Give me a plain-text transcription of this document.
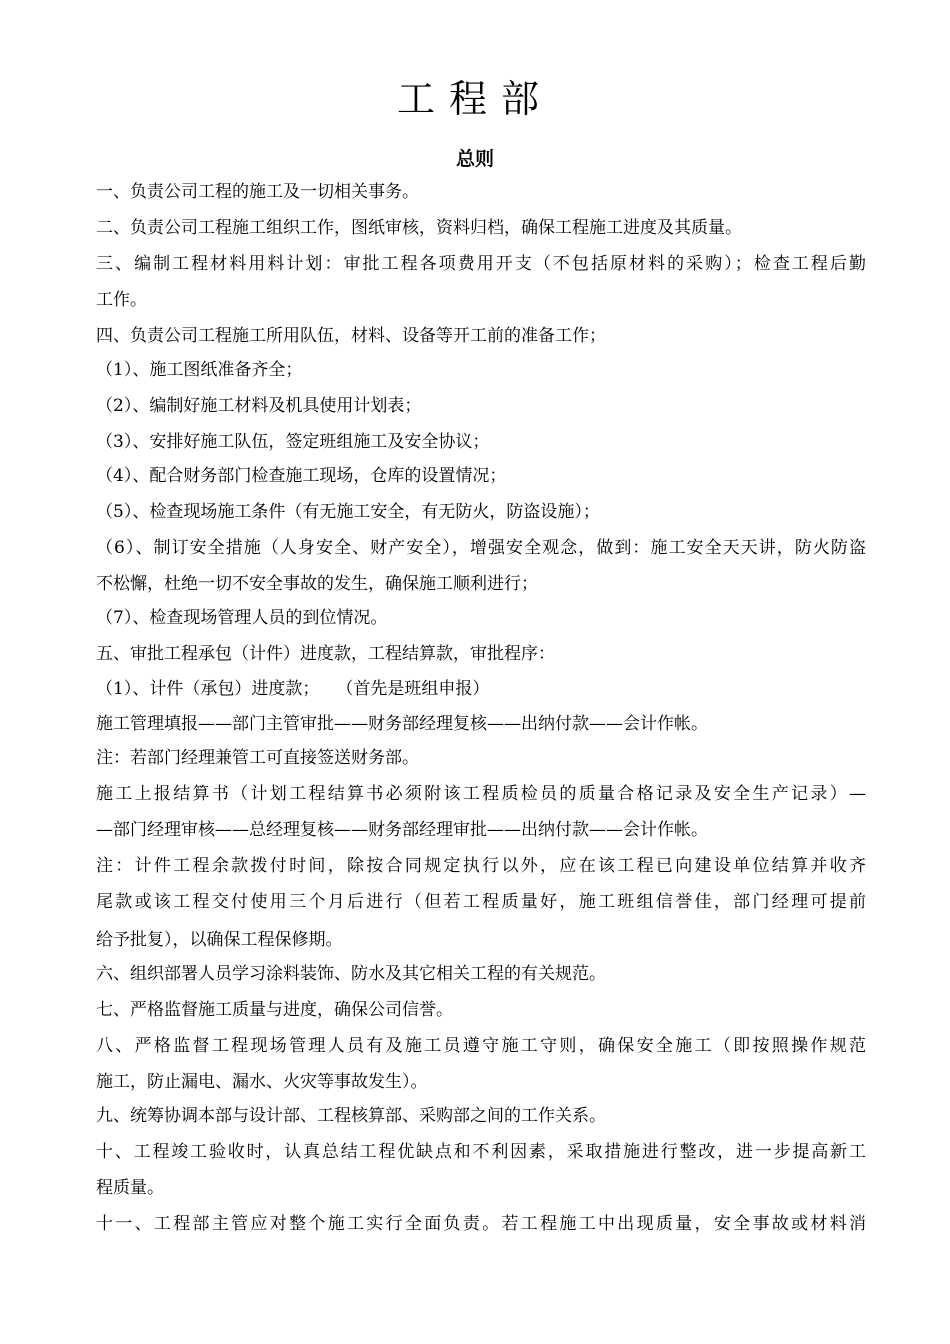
工程部
总则
一、负责公司工程的施工及一切相关事务。
二、负责公司工程施工组织工作，图纸审核，资料归档，确保工程施工进度及其质量。
三、编制工程材料用料计划：审批工程各项费用开支（不包括原材料的采购）；检查工程后勤
工作。
四、负责公司工程施工所用队伍，材料、设备等开工前的准备工作；
（1）、施工图纸准备齐全；
（2）、编制好施工材料及机具使用计划表；
（3）、安排好施工队伍，签定班组施工及安全协议；
（4）、配合财务部门检查施工现场，仓库的设置情况；
（5）、检查现场施工条件（有无施工安全，有无防火，防盗设施）；
（6）、制订安全措施（人身安全、财产安全），增强安全观念，做到：施工安全天天讲，防火防盗
不松懈，杜绝一切不安全事故的发生，确保施工顺利进行；
（7）、检查现场管理人员的到位情况。
五、审批工程承包（计件）进度款，工程结算款，审批程序：
（1）、计件（承包）进度款；　　（首先是班组申报）
施工管理填报——部门主管审批——财务部经理复核——出纳付款——会计作帐。
注：若部门经理兼管工可直接签送财务部。
施工上报结算书（计划工程结算书必须附该工程质检员的质量合格记录及安全生产记录）—
—部门经理审核——总经理复核——财务部经理审批——出纳付款——会计作帐。
注：计件工程余款拨付时间，除按合同规定执行以外，应在该工程已向建设单位结算并收齐
尾款或该工程交付使用三个月后进行（但若工程质量好，施工班组信誉佳，部门经理可提前
给予批复），以确保工程保修期。
六、组织部署人员学习涂料装饰、防水及其它相关工程的有关规范。
七、严格监督施工质量与进度，确保公司信誉。
八、严格监督工程现场管理人员有及施工员遵守施工守则，确保安全施工（即按照操作规范
施工，防止漏电、漏水、火灾等事故发生）。
九、统筹协调本部与设计部、工程核算部、采购部之间的工作关系。
十、工程竣工验收时，认真总结工程优缺点和不利因素，采取措施进行整改，进一步提高新工
程质量。
十一、工程部主管应对整个施工实行全面负责。若工程施工中出现质量，安全事故或材料消
